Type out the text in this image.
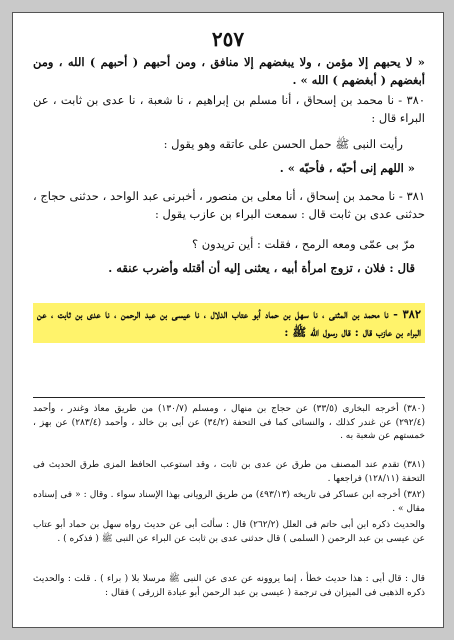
٢٥٧

« لا يحبهم إلا مؤمن ، ولا يبغضهم إلا منافق ، ومن أحبهم ( أحبهم ) الله ، ومن أبغضهم ( أبغضهم ) الله » .

٣٨٠ - نا محمد بن إسحاق ، أنا مسلم بن إبراهيم ، نا شعبة ، نا عدى بن ثابت ، عن البراء قال :

رأيت النبى ﷺ حمل الحسن على عاتقه وهو يقول :

« اللهم إنى أحبّه ، فأحبّه » .

٣٨١ - نا محمد بن إسحاق ، أنا معلى بن منصور ، أخبرنى عبد الواحد ، حدثنى حجاج ، حدثنى عدى بن ثابت قال : سمعت البراء بن عازب يقول :

مرّ بى عمّى ومعه الرمح ، فقلت : أين تريدون ؟

قال : فلان ، تزوج امرأة أبيه ، يعثنى إليه أن أقتله وأضرب عنقه .

٣٨٢ - نا محمد بن المثنى ، نا سهل بن حماد أبو عتاب الدلال ، نا عيسى بن عبد الرحمن ، نا عدى بن ثابت ، عن البراء بن عازب قال : قال رسول الله ﷺ :

(٣٨٠) أخرجه البخارى (٣٣/٥) عن حجاج بن منهال ، ومسلم (١٣٠/٧) من طريق معاذ وغندر ، وأحمد (٢٩٢/٤) عن غندر كذلك ، والنسائى كما فى التحفة (٣٤/٢) عن أبى بن خالد ، وأحمد (٢٨٣/٤) عن بهز ، خمستهم عن شعبة به .

(٣٨١) تقدم عند المصنف من طرق عن عدى بن ثابت ، وقد استوعب الحافظ المزى طرق الحديث فى التحفة (١٢٨/١١) فراجعها .

(٣٨٢) أخرجه ابن عساكر فى تاريخه (٤٩٣/١٣) من طريق الرويانى بهذا الإسناد سواء . وقال : « فى إسناده مقال » .

والحديث ذكره ابن أبى حاتم فى العلل (٢٦٢/٢) قال : سألت أبى عن حديث رواه سهل بن حماد أبو عتاب عن عيسى بن عبد الرحمن ( السلمى ) قال حدثنى عدى بن ثابت عن البراء عن النبى ﷺ ( فذكره ) .

قال : قال أبى : هذا حديث خطأ ، إنما يروونه عن عدى عن النبى ﷺ مرسلا بلا ( براء ) . قلت : والحديث ذكره الذهبى فى الميزان فى ترجمة ( عيسى بن عبد الرحمن أبو عبادة الزرقى ) فقال :
